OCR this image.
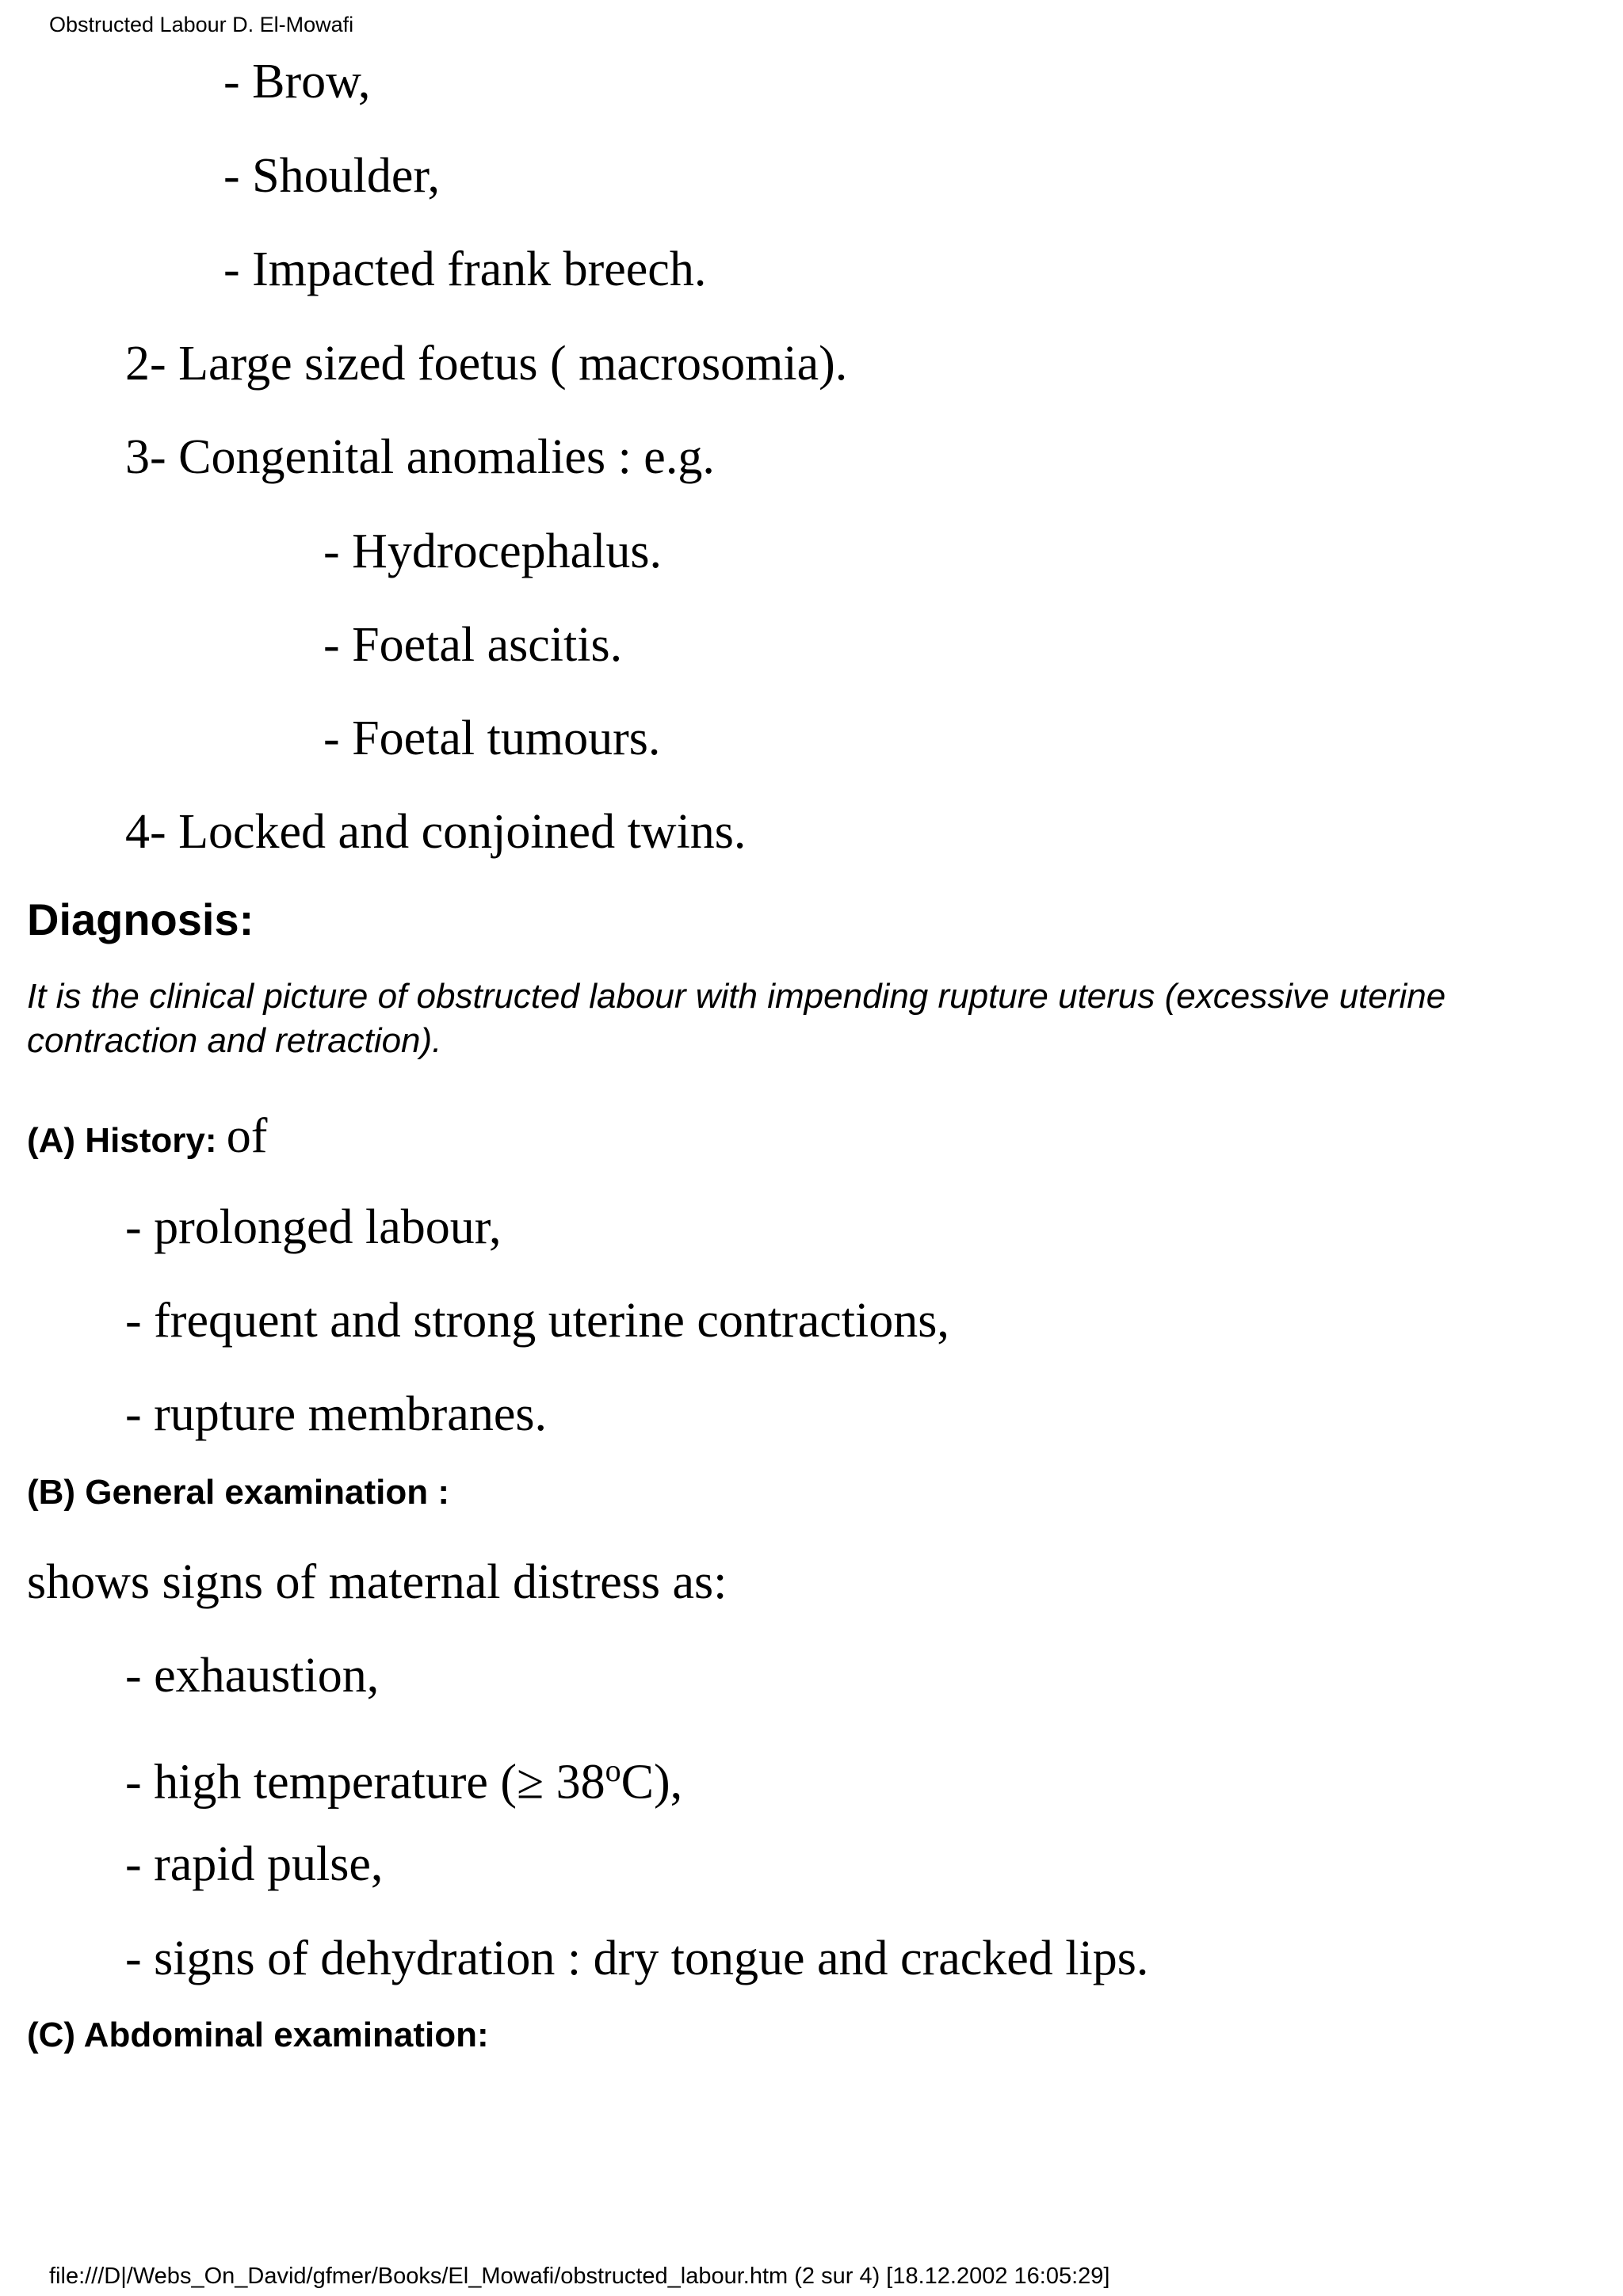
Obstructed Labour D. El-Mowafi
- Brow,
- Shoulder,
- Impacted frank breech.
2- Large sized foetus ( macrosomia).
3- Congenital anomalies : e.g.
- Hydrocephalus.
- Foetal ascitis.
- Foetal tumours.
4- Locked and conjoined twins.
Diagnosis:
It is the clinical picture of obstructed labour with impending rupture uterus (excessive uterine contraction and retraction).
(A) History: of
- prolonged labour,
- frequent and strong uterine contractions,
- rupture membranes.
(B) General examination :
shows signs of maternal distress as:
- exhaustion,
- high temperature (≥ $38^oC$),
- rapid pulse,
- signs of dehydration : dry tongue and cracked lips.
(C) Abdominal examination:
file:///D|/Webs_On_David/gfmer/Books/El_Mowafi/obstructed_labour.htm (2 sur 4) [18.12.2002 16:05:29]
